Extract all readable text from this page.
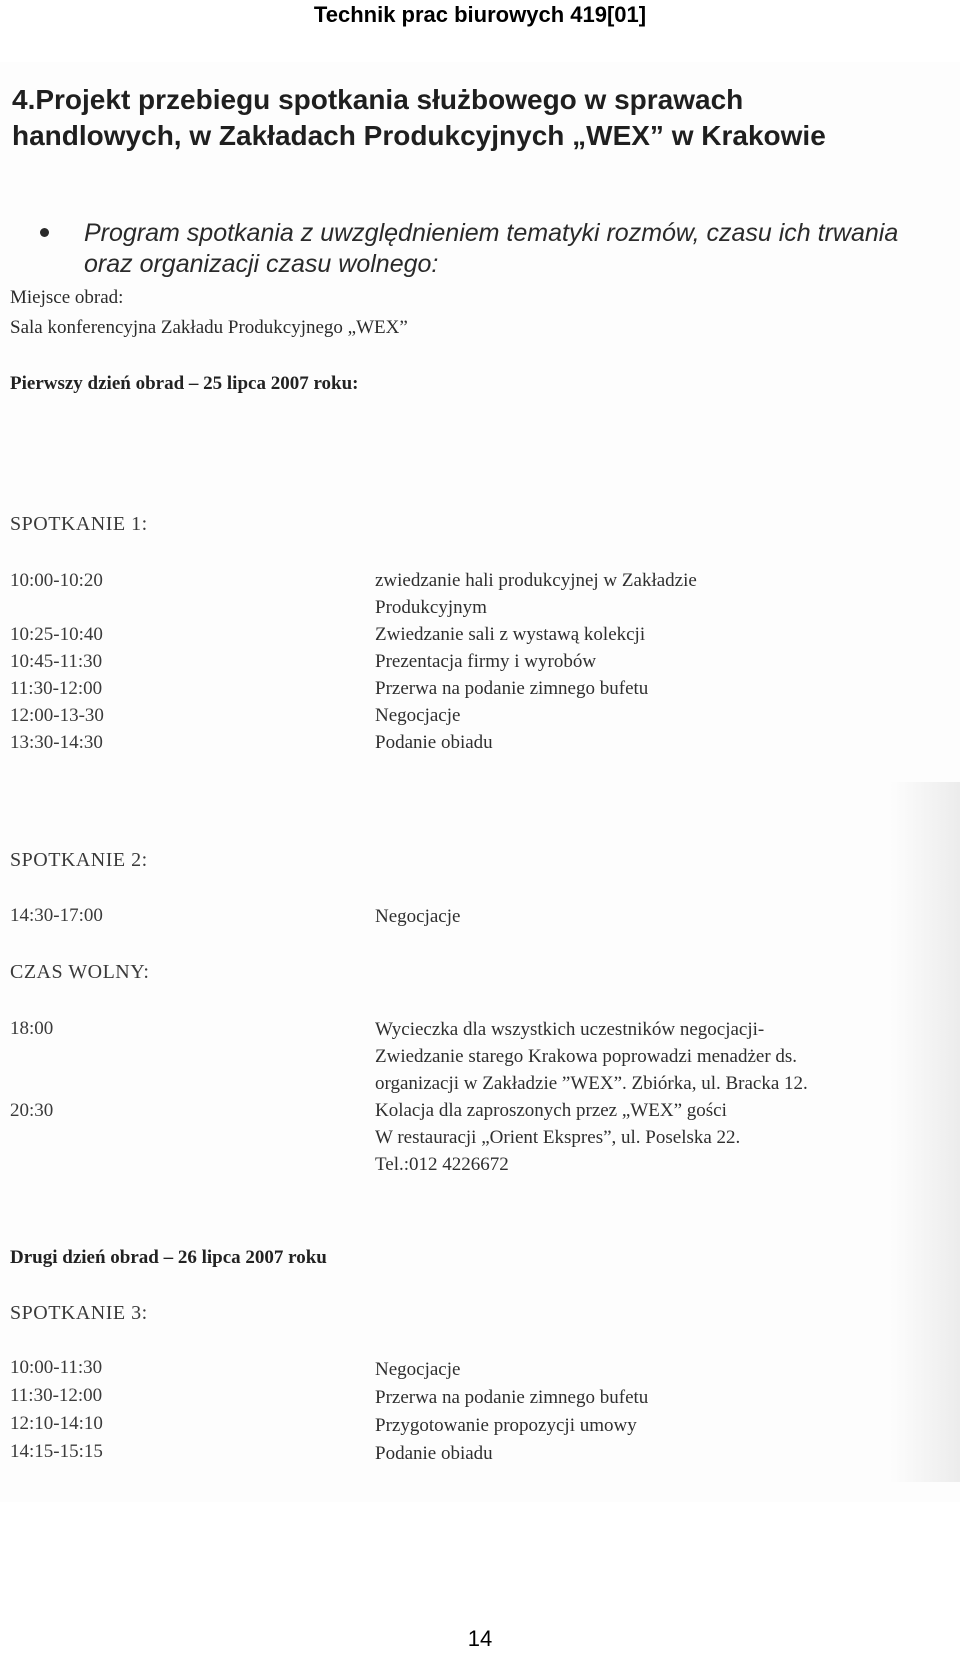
Technik prac biurowych 419[01]
4.Projekt przebiegu spotkania służbowego w sprawach handlowych, w Zakładach Produkcyjnych „WEX” w Krakowie
Program spotkania z uwzględnieniem tematyki rozmów, czasu ich trwania oraz organizacji czasu wolnego:
Miejsce obrad:
Sala konferencyjna Zakładu Produkcyjnego „WEX”
Pierwszy dzień obrad – 25 lipca 2007 roku:
SPOTKANIE 1:
10:00-10:20	zwiedzanie hali produkcyjnej w Zakładzie
Produkcyjnym
10:25-10:40	Zwiedzanie sali z wystawą kolekcji
10:45-11:30	Prezentacja firmy i wyrobów
11:30-12:00	Przerwa na podanie zimnego bufetu
12:00-13-30	Negocjacje
13:30-14:30	Podanie obiadu
SPOTKANIE 2:
14:30-17:00	Negocjacje
CZAS WOLNY:
18:00	Wycieczka dla wszystkich uczestników negocjacji-
Zwiedzanie starego Krakowa poprowadzi menadżer ds.
organizacji w Zakładzie ”WEX”. Zbiórka, ul. Bracka 12.
20:30	Kolacja dla zaproszonych przez „WEX” gości
W restauracji „Orient Ekspres”, ul. Poselska 22.
Tel.:012 4226672
Drugi dzień obrad – 26 lipca 2007 roku
SPOTKANIE 3:
10:00-11:30	Negocjacje
11:30-12:00	Przerwa na podanie zimnego bufetu
12:10-14:10	Przygotowanie propozycji umowy
14:15-15:15	Podanie obiadu
14
